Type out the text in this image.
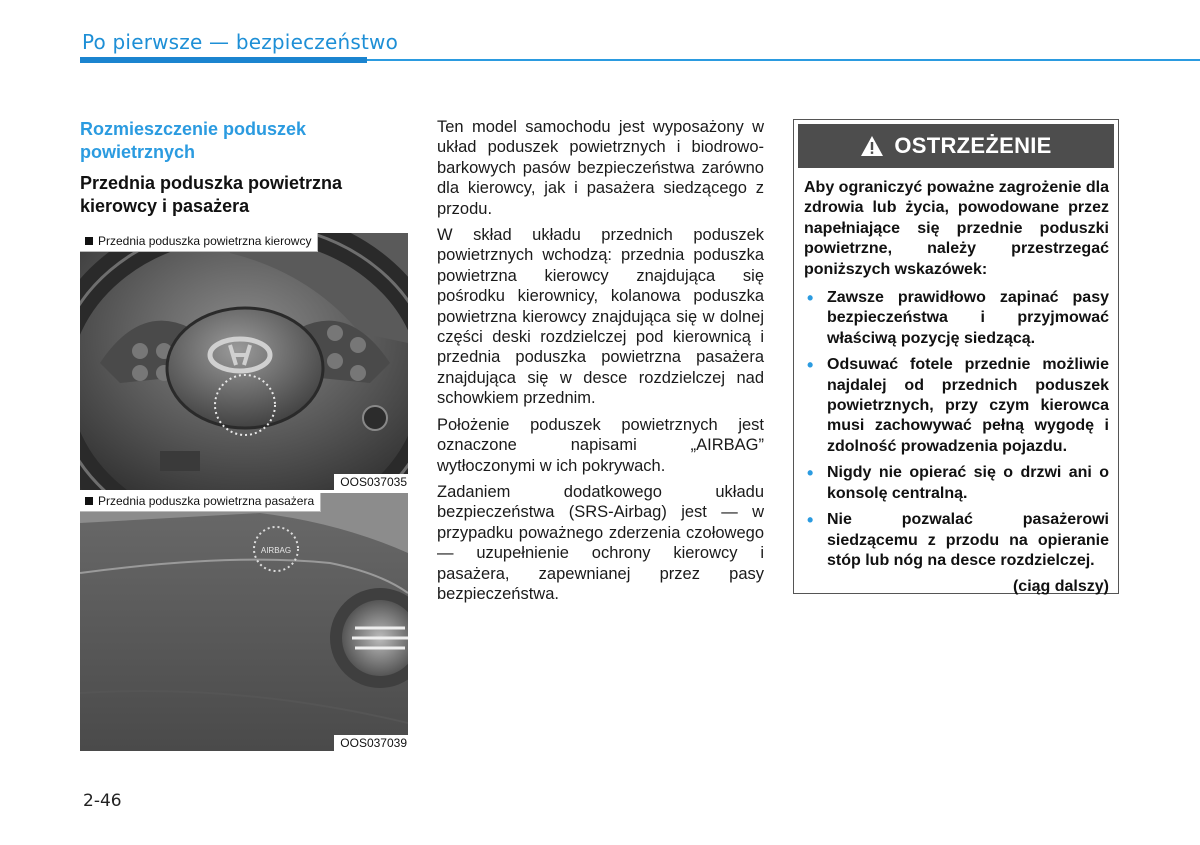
Po pierwsze — bezpieczeństwo
Rozmieszczenie poduszek powietrznych
Przednia poduszka powietrzna kierowcy i pasażera
Przednia poduszka powietrzna kierowcy
OOS037035
AIRBAG
Przednia poduszka powietrzna pasażera
OOS037039

Ten model samochodu jest wyposażony w układ poduszek powietrznych i biodrowo-barkowych pasów bezpieczeństwa zarówno dla kierowcy, jak i pasażera siedzącego z przodu.

W skład układu przednich poduszek powietrznych wchodzą: przednia poduszka powietrzna kierowcy znajdująca się pośrodku kierownicy, kolanowa poduszka powietrzna kierowcy znajdująca się w dolnej części deski rozdzielczej pod kierownicą i przednia poduszka powietrzna pasażera znajdująca się w desce rozdzielczej nad schowkiem przednim.

Położenie poduszek powietrznych jest oznaczone napisami „AIRBAG” wytłoczonymi w ich pokrywach.

Zadaniem dodatkowego układu bezpieczeństwa (SRS-Airbag) jest — w przypadku poważnego zderzenia czołowego — uzupełnienie ochrony kierowcy i pasażera, zapewnianej przez pasy bezpieczeństwa.

OSTRZEŻENIE

Aby ograniczyć poważne zagrożenie dla zdrowia lub życia, powodowane przez napełniające się przednie poduszki powietrzne, należy przestrzegać poniższych wskazówek:

• Zawsze prawidłowo zapinać pasy bezpieczeństwa i przyjmować właściwą pozycję siedzącą.
• Odsuwać fotele przednie możliwie najdalej od przednich poduszek powietrznych, przy czym kierowca musi zachowywać pełną wygodę i zdolność prowadzenia pojazdu.
• Nigdy nie opierać się o drzwi ani o konsolę centralną.
• Nie pozwalać pasażerowi siedzącemu z przodu na opieranie stóp lub nóg na desce rozdzielczej.
(ciąg dalszy)
2-46
